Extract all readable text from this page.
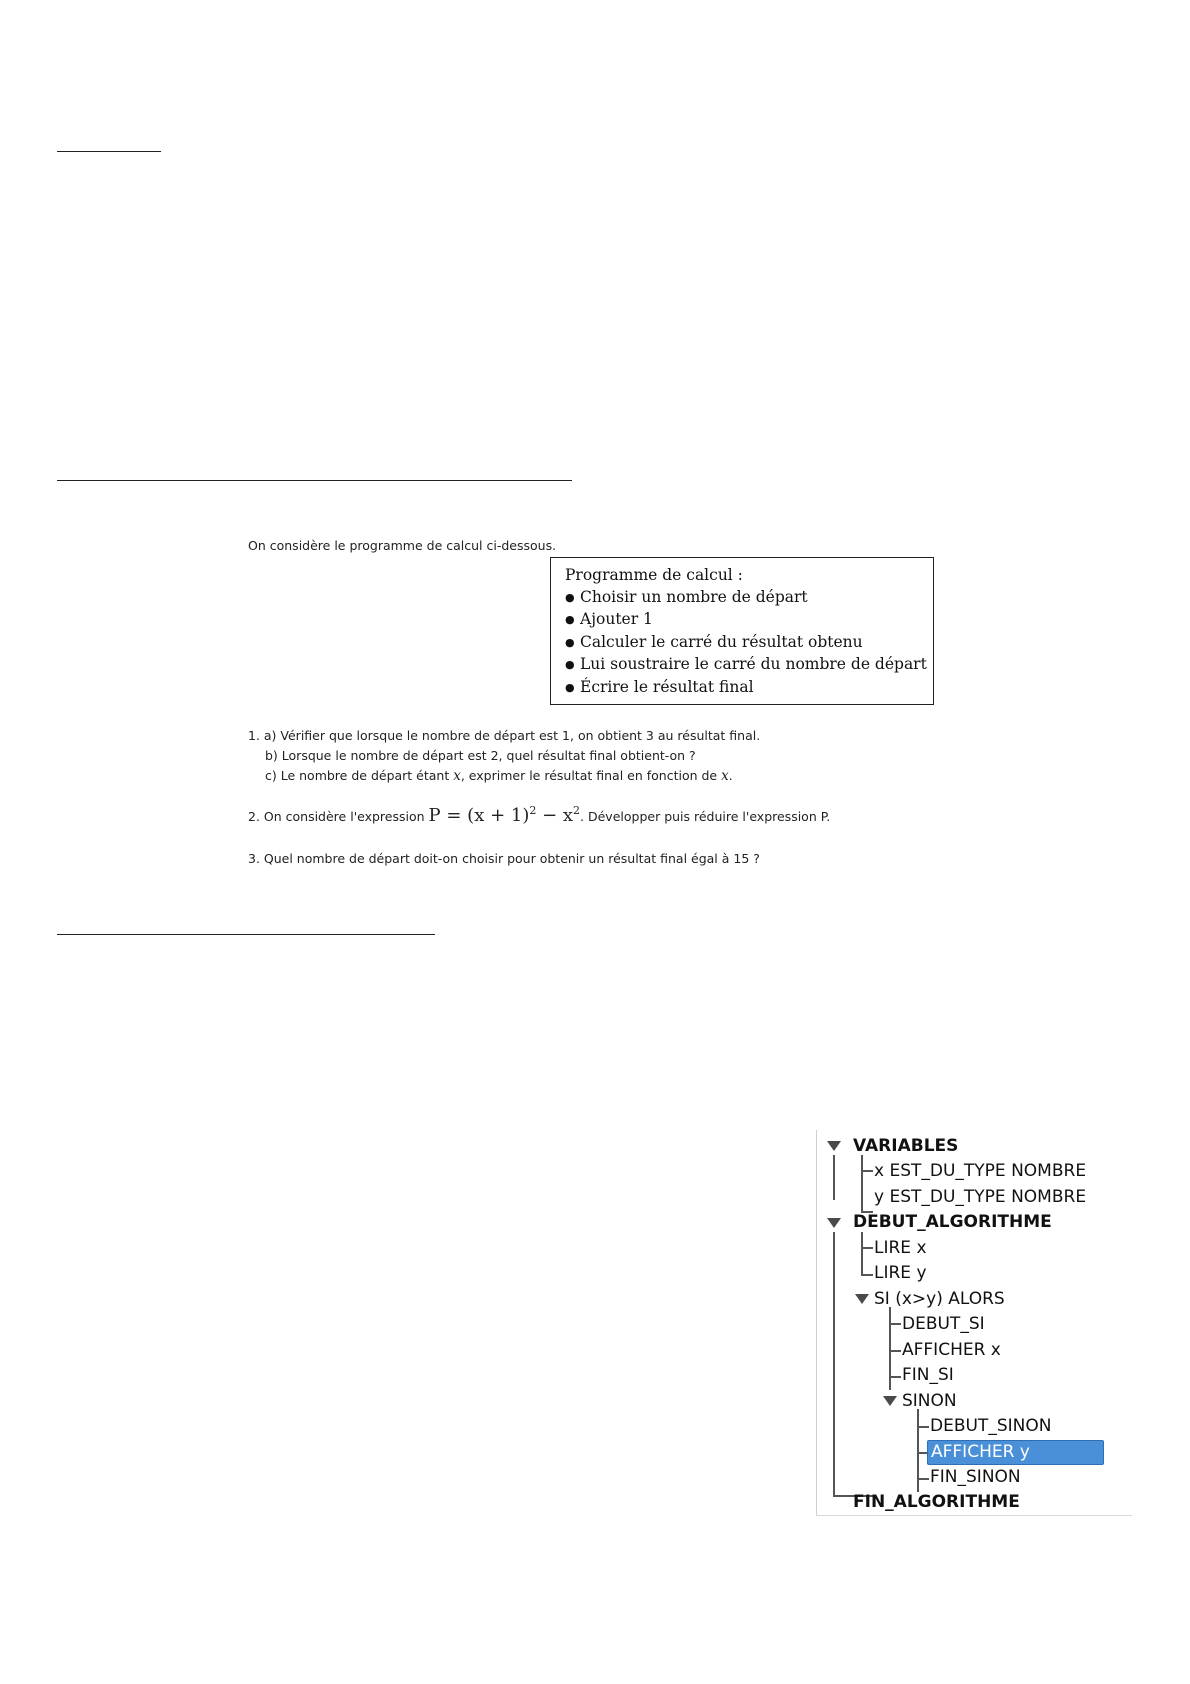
On considère le programme de calcul ci-dessous.
Programme de calcul :
● Choisir un nombre de départ
● Ajouter 1
● Calculer le carré du résultat obtenu
● Lui soustraire le carré du nombre de départ
● Écrire le résultat final
1. a) Vérifier que lorsque le nombre de départ est 1, on obtient 3 au résultat final.
b) Lorsque le nombre de départ est 2, quel résultat final obtient-on ?
c) Le nombre de départ étant x, exprimer le résultat final en fonction de x.
2. On considère l'expression $P = (x + 1)^2 - x^2$. Développer puis réduire l'expression P.
3. Quel nombre de départ doit-on choisir pour obtenir un résultat final égal à 15 ?
VARIABLES
x EST_DU_TYPE NOMBRE
y EST_DU_TYPE NOMBRE
DEBUT_ALGORITHME
LIRE x
LIRE y
SI (x>y) ALORS
DEBUT_SI
AFFICHER x
FIN_SI
SINON
DEBUT_SINON
AFFICHER y
FIN_SINON
FIN_ALGORITHME
